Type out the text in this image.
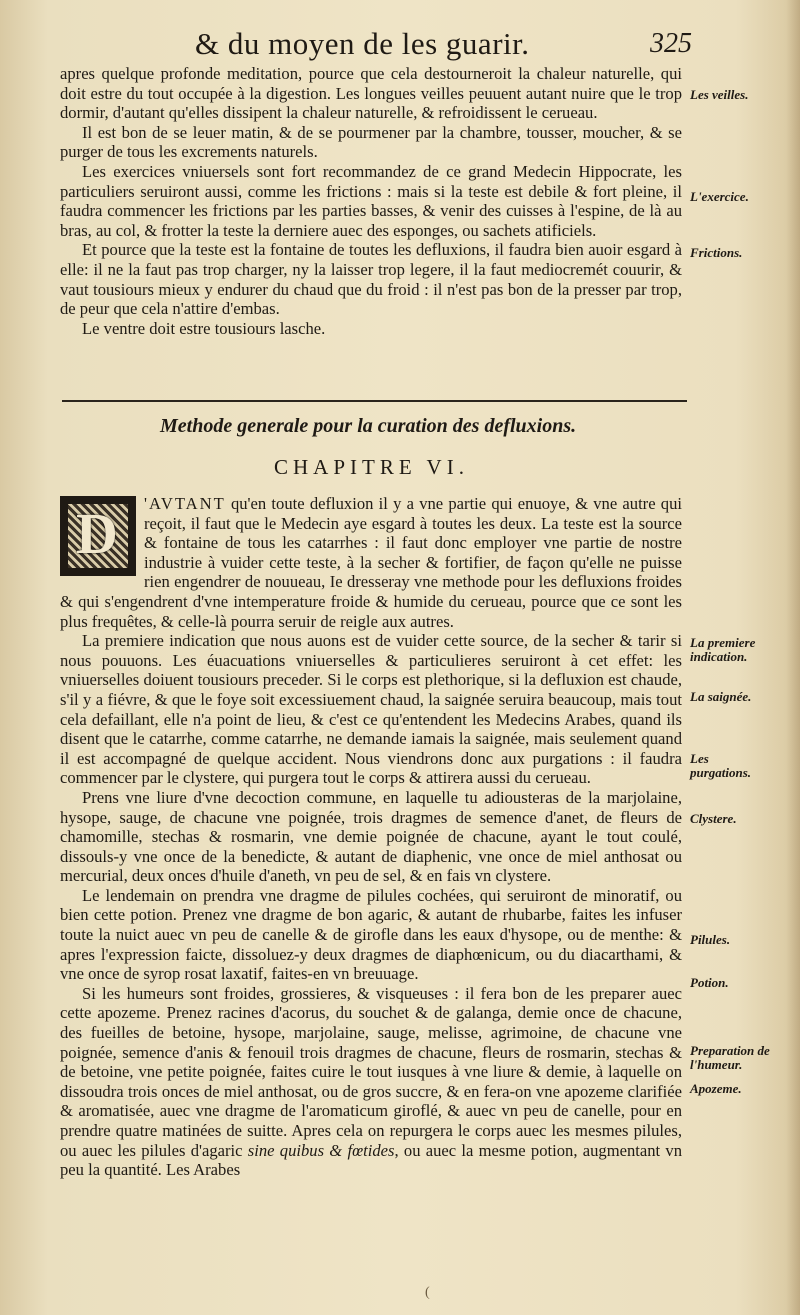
& du moyen de les guarir.	325

apres quelque profonde meditation, pource que cela destourneroit la chaleur naturelle, qui doit estre du tout occupée à la digestion. Les longues veilles peuuent autant nuire que le trop dormir, d'autant qu'elles dissipent la chaleur naturelle, & refroidissent le cerueau.

Il est bon de se leuer matin, & de se pourmener par la chambre, tousser, moucher, & se purger de tous les excrements naturels.

Les exercices vniuersels sont fort recommandez de ce grand Medecin Hippocrate, les particuliers seruiront aussi, comme les frictions : mais si la teste est debile & fort pleine, il faudra commencer les frictions par les parties basses, & venir des cuisses à l'espine, de là au bras, au col, & frotter la teste la derniere auec des esponges, ou sachets atificiels.

Et pource que la teste est la fontaine de toutes les defluxions, il faudra bien auoir esgard à elle: il ne la faut pas trop charger, ny la laisser trop legere, il la faut mediocremét couurir, & vaut tousiours mieux y endurer du chaud que du froid : il n'est pas bon de la presser par trop, de peur que cela n'attire d'embas.

Le ventre doit estre tousiours lasche.

Methode generale pour la curation des defluxions.
CHAPITRE VI.

D 'AVTANT qu'en toute defluxion il y a vne partie qui enuoye, & vne autre qui reçoit, il faut que le Medecin aye esgard à toutes les deux. La teste est la source & fontaine de tous les catarrhes : il faut donc employer vne partie de nostre industrie à vuider cette teste, à la secher & fortifier, de façon qu'elle ne puisse rien engendrer de nouueau, Ie dresseray vne methode pour les defluxions froides & qui s'engendrent d'vne intemperature froide & humide du cerueau, pource que ce sont les plus frequêtes, & celle-là pourra seruir de reigle aux autres.

La premiere indication que nous auons est de vuider cette source, de la secher & tarir si nous pouuons. Les éuacuations vniuerselles & particulieres seruiront à cet effet: les vniuerselles doiuent tousiours preceder. Si le corps est plethorique, si la defluxion est chaude, s'il y a fiévre, & que le foye soit excessiuement chaud, la saignée seruira beaucoup, mais tout cela defaillant, elle n'a point de lieu, & c'est ce qu'entendent les Medecins Arabes, quand ils disent que le catarrhe, comme catarrhe, ne demande iamais la saignée, mais seulement quand il est accompagné de quelque accident. Nous viendrons donc aux purgations : il faudra commencer par le clystere, qui purgera tout le corps & attirera aussi du cerueau.

Prens vne liure d'vne decoction commune, en laquelle tu adiousteras de la marjolaine, hysope, sauge, de chacune vne poignée, trois dragmes de semence d'anet, de fleurs de chamomille, stechas & rosmarin, vne demie poignée de chacune, ayant le tout coulé, dissouls-y vne once de la benedicte, & autant de diaphenic, vne once de miel anthosat ou mercurial, deux onces d'huile d'aneth, vn peu de sel, & en fais vn clystere.

Le lendemain on prendra vne dragme de pilules cochées, qui seruiront de minoratif, ou bien cette potion. Prenez vne dragme de bon agaric, & autant de rhubarbe, faites les infuser toute la nuict auec vn peu de canelle & de girofle dans les eaux d'hysope, ou de menthe: & apres l'expression faicte, dissoluez-y deux dragmes de diaphœnicum, ou du diacarthami, & vne once de syrop rosat laxatif, faites-en vn breuuage.

Si les humeurs sont froides, grossieres, & visqueuses : il fera bon de les preparer auec cette apozeme. Prenez racines d'acorus, du souchet & de galanga, demie once de chacune, des fueilles de betoine, hysope, marjolaine, sauge, melisse, agrimoine, de chacune vne poignée, semence d'anis & fenouil trois dragmes de chacune, fleurs de rosmarin, stechas & de betoine, vne petite poignée, faites cuire le tout iusques à vne liure & demie, à laquelle on dissoudra trois onces de miel anthosat, ou de gros succre, & en fera-on vne apozeme clarifiée & aromatisée, auec vne dragme de l'aromaticum giroflé, & auec vn peu de canelle, pour en prendre quatre matinées de suitte. Apres cela on repurgera le corps auec les mesmes pilules, ou auec les pilules d'agaric sine quibus & fœtides, ou auec la mesme potion, augmentant vn peu la quantité. Les Arabes

Les veilles.
L'exercice.
Frictions.
La premiere indication.
La saignée.
Les purgations.
Clystere.
Pilules.
Potion.
Preparation de l'humeur.
Apozeme.
(
